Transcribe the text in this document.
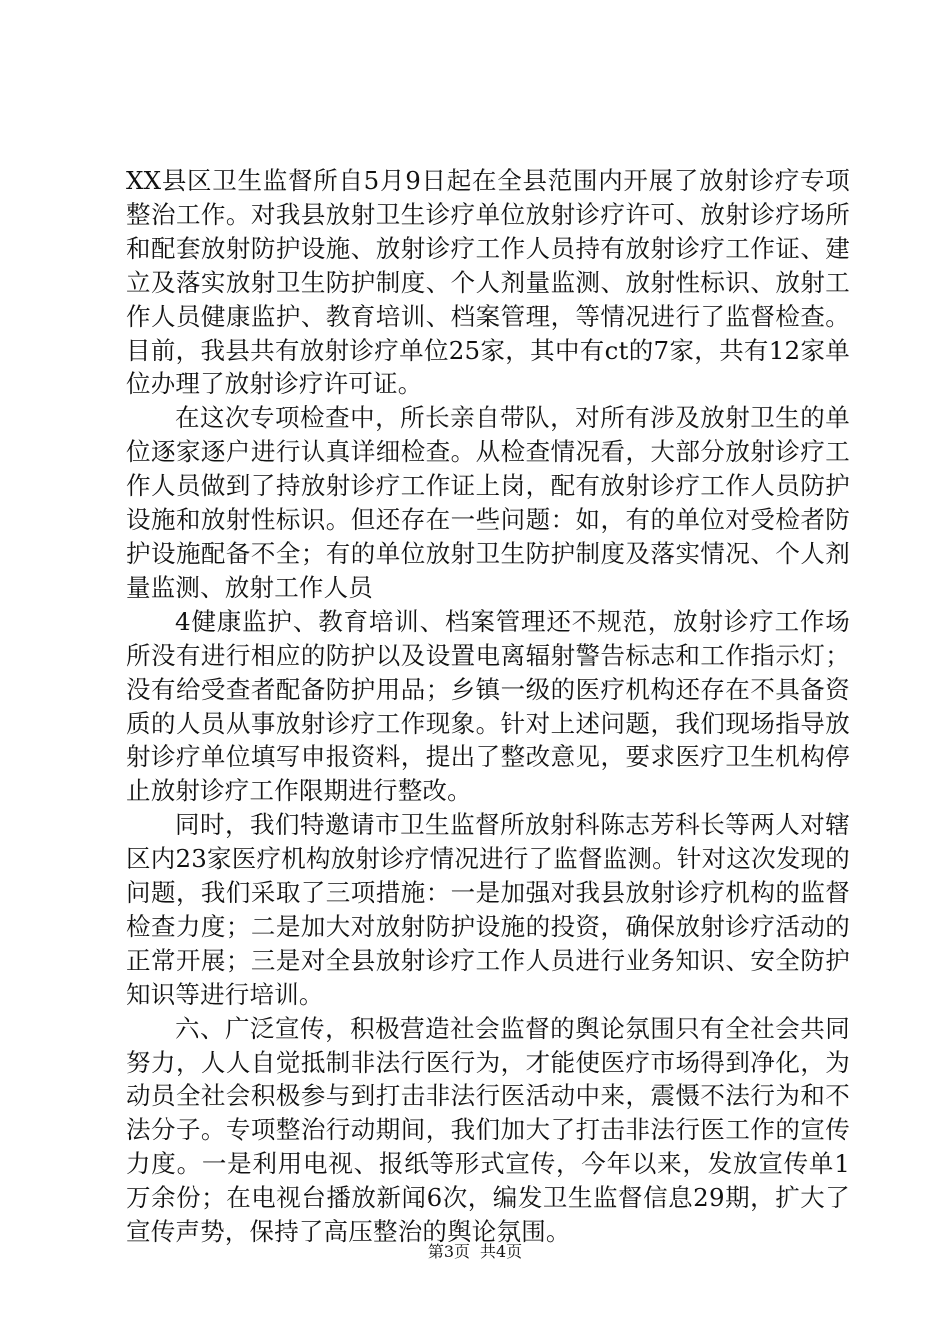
XX县区卫生监督所自5月9日起在全县范围内开展了放射诊疗专项整治工作。对我县放射卫生诊疗单位放射诊疗许可、放射诊疗场所和配套放射防护设施、放射诊疗工作人员持有放射诊疗工作证、建立及落实放射卫生防护制度、个人剂量监测、放射性标识、放射工作人员健康监护、教育培训、档案管理，等情况进行了监督检查。目前，我县共有放射诊疗单位25家，其中有ct的7家，共有12家单位办理了放射诊疗许可证。

在这次专项检查中，所长亲自带队，对所有涉及放射卫生的单位逐家逐户进行认真详细检查。从检查情况看，大部分放射诊疗工作人员做到了持放射诊疗工作证上岗，配有放射诊疗工作人员防护设施和放射性标识。但还存在一些问题：如，有的单位对受检者防护设施配备不全；有的单位放射卫生防护制度及落实情况、个人剂量监测、放射工作人员

4健康监护、教育培训、档案管理还不规范，放射诊疗工作场所没有进行相应的防护以及设置电离辐射警告标志和工作指示灯；没有给受查者配备防护用品；乡镇一级的医疗机构还存在不具备资质的人员从事放射诊疗工作现象。针对上述问题，我们现场指导放射诊疗单位填写申报资料，提出了整改意见，要求医疗卫生机构停止放射诊疗工作限期进行整改。

同时，我们特邀请市卫生监督所放射科陈志芳科长等两人对辖区内23家医疗机构放射诊疗情况进行了监督监测。针对这次发现的问题，我们采取了三项措施：一是加强对我县放射诊疗机构的监督检查力度；二是加大对放射防护设施的投资，确保放射诊疗活动的正常开展；三是对全县放射诊疗工作人员进行业务知识、安全防护知识等进行培训。

六、广泛宣传，积极营造社会监督的舆论氛围只有全社会共同努力，人人自觉抵制非法行医行为，才能使医疗市场得到净化，为动员全社会积极参与到打击非法行医活动中来，震慑不法行为和不法分子。专项整治行动期间，我们加大了打击非法行医工作的宣传力度。一是利用电视、报纸等形式宣传，今年以来，发放宣传单1万余份；在电视台播放新闻6次，编发卫生监督信息29期，扩大了宣传声势，保持了高压整治的舆论氛围。

第3页 共4页
